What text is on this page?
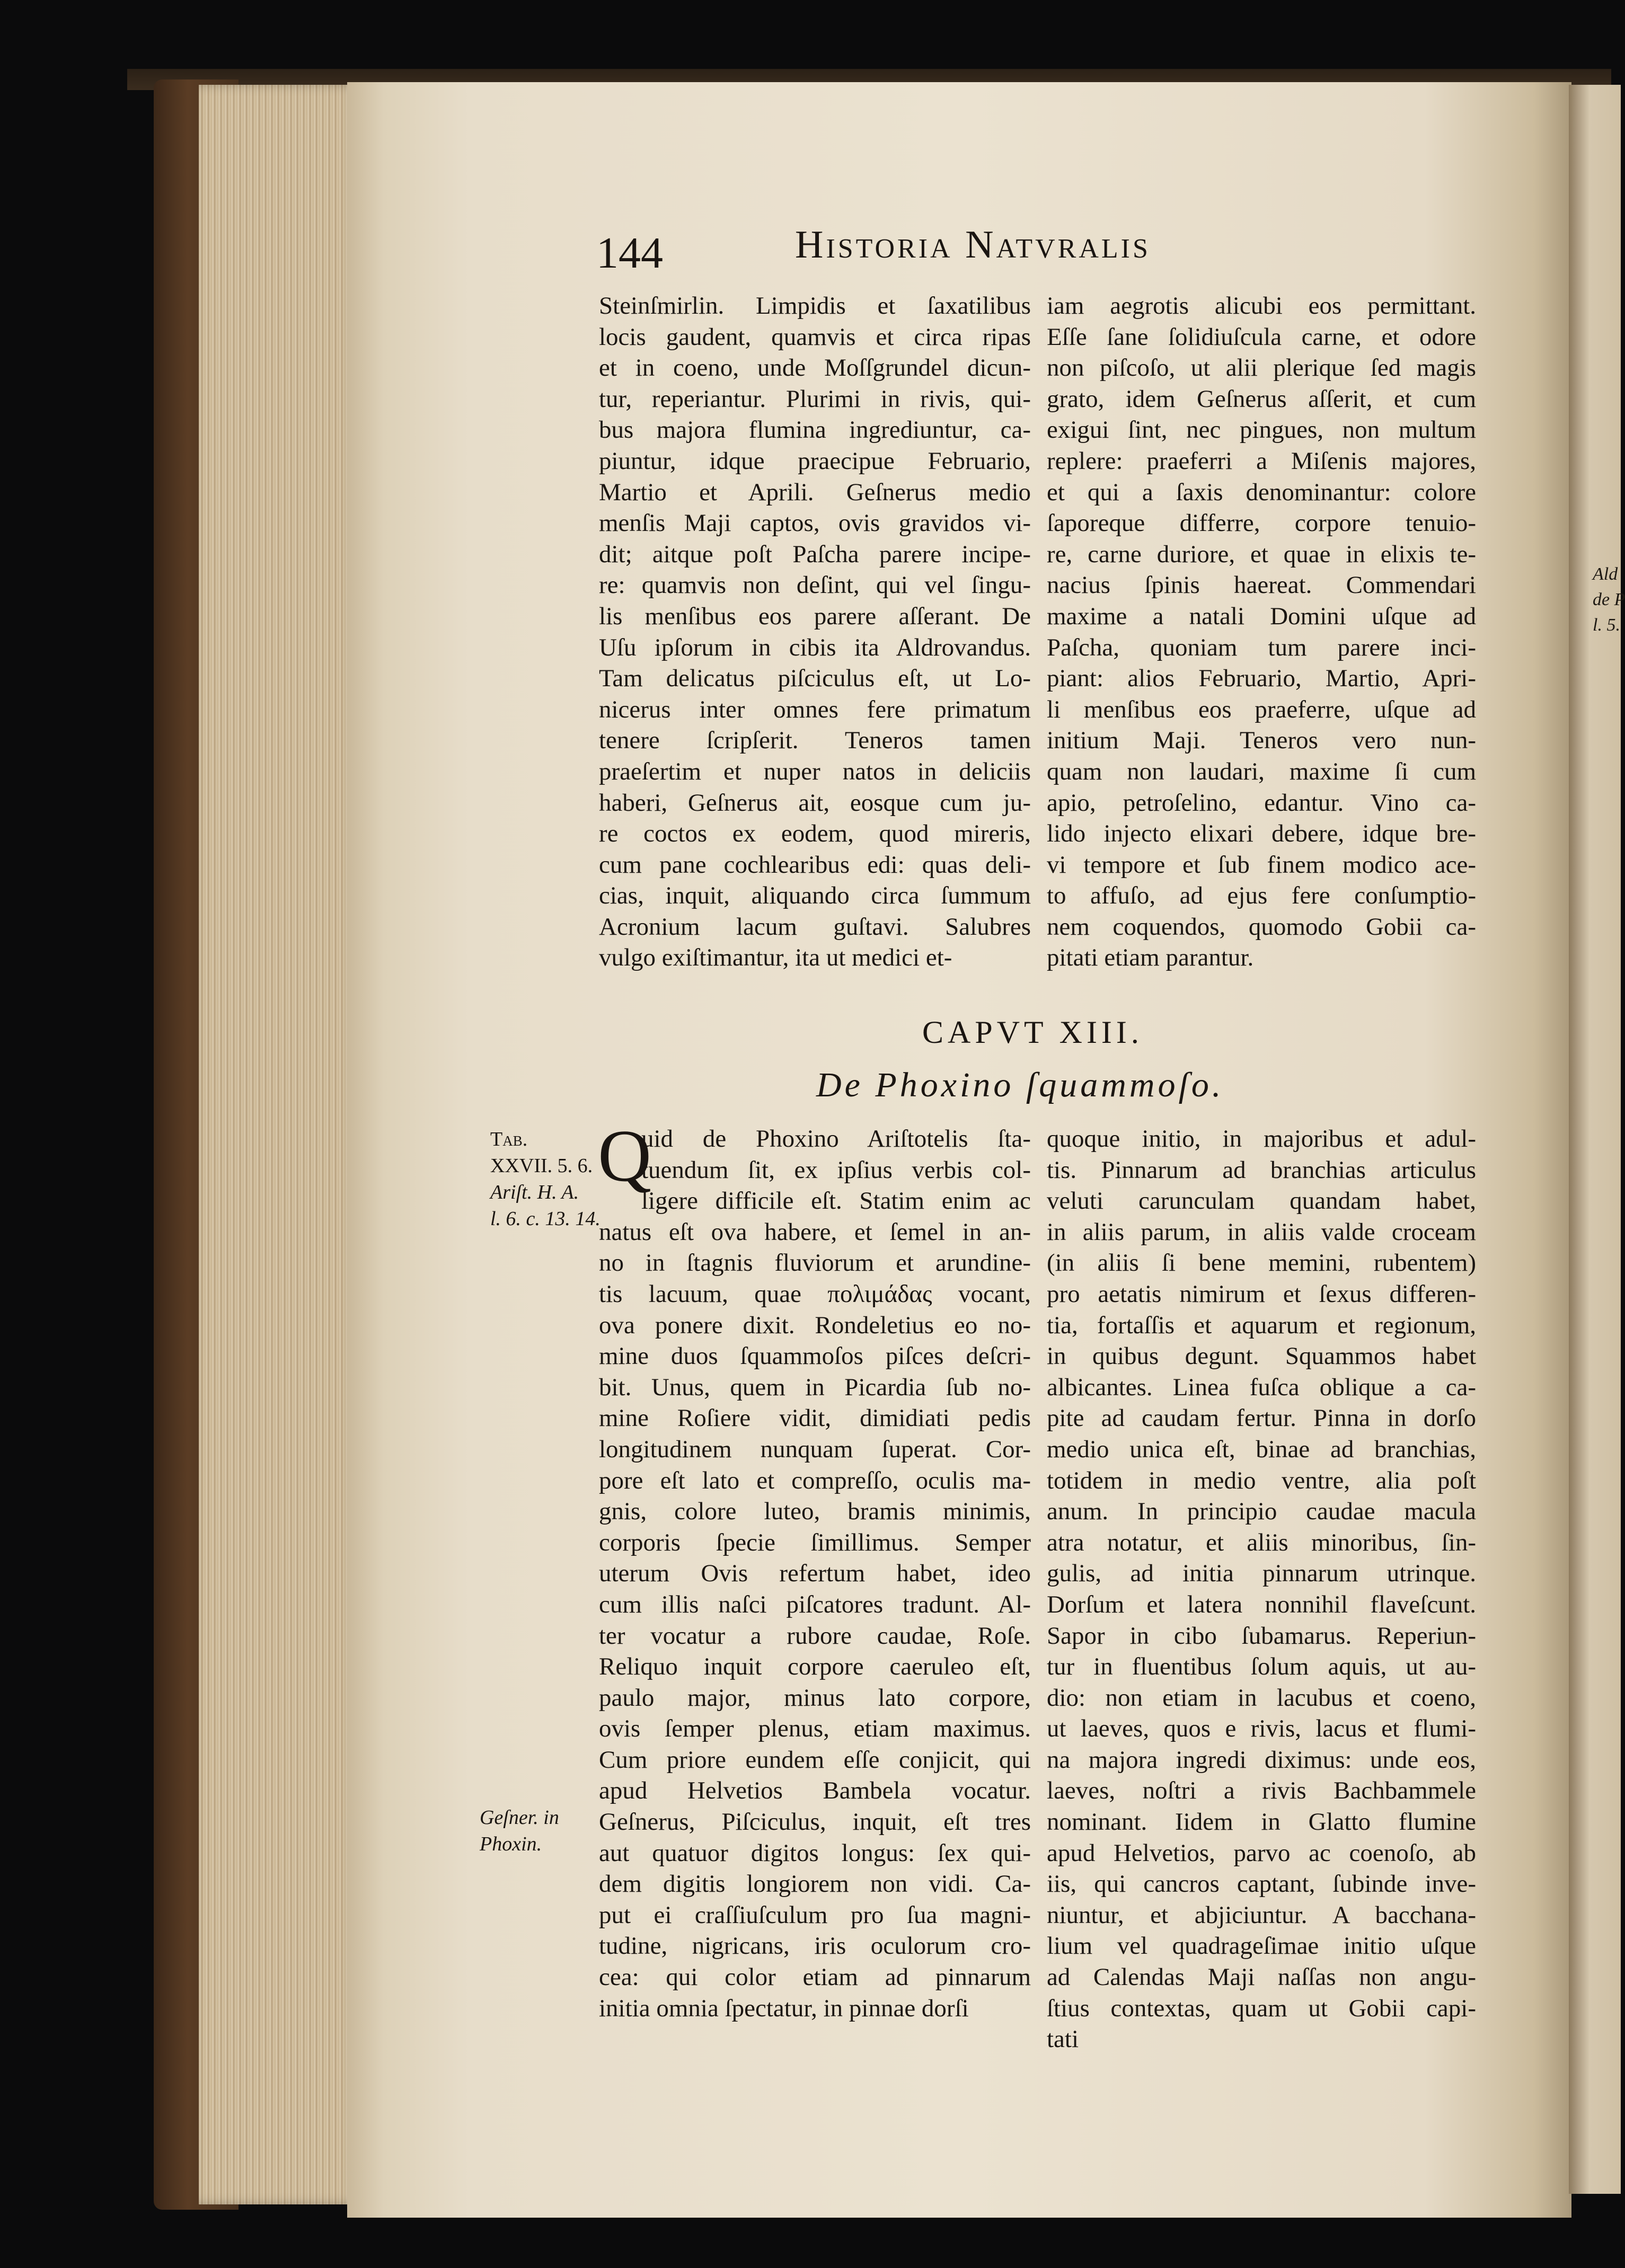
Ald
de P
l. 5.
144	Historia Natvralis
Steinſmirlin. Limpidis et ſaxatilibus
locis gaudent, quamvis et circa ripas
et in coeno, unde Moſſgrundel dicun-
tur, reperiantur. Plurimi in rivis, qui-
bus majora flumina ingrediuntur, ca-
piuntur, idque praecipue Februario,
Martio et Aprili. Geſnerus medio
menſis Maji captos, ovis gravidos vi-
dit; aitque poſt Paſcha parere incipe-
re: quamvis non deſint, qui vel ſingu-
lis menſibus eos parere aſſerant. De
Uſu ipſorum in cibis ita Aldrovandus.
Tam delicatus piſciculus eſt, ut Lo-
nicerus inter omnes fere primatum
tenere ſcripſerit. Teneros tamen
praeſertim et nuper natos in deliciis
haberi, Geſnerus ait, eosque cum ju-
re coctos ex eodem, quod mireris,
cum pane cochlearibus edi: quas deli-
cias, inquit, aliquando circa ſummum
Acronium lacum guſtavi. Salubres
vulgo exiſtimantur, ita ut medici et-
iam aegrotis alicubi eos permittant.
Eſſe ſane ſolidiuſcula carne, et odore
non piſcoſo, ut alii plerique ſed magis
grato, idem Geſnerus aſſerit, et cum
exigui ſint, nec pingues, non multum
replere: praeferri a Miſenis majores,
et qui a ſaxis denominantur: colore
ſaporeque differre, corpore tenuio-
re, carne duriore, et quae in elixis te-
nacius ſpinis haereat. Commendari
maxime a natali Domini uſque ad
Paſcha, quoniam tum parere inci-
piant: alios Februario, Martio, Apri-
li menſibus eos praeferre, uſque ad
initium Maji. Teneros vero nun-
quam non laudari, maxime ſi cum
apio, petroſelino, edantur. Vino ca-
lido injecto elixari debere, idque bre-
vi tempore et ſub finem modico ace-
to affuſo, ad ejus fere conſumptio-
nem coquendos, quomodo Gobii ca-
pitati etiam parantur.
CAPVT XIII.
De Phoxino ſquammoſo.
Q
uid de Phoxino Ariſtotelis ſta-
tuendum ſit, ex ipſius verbis col-
ligere difficile eſt. Statim enim ac
natus eſt ova habere, et ſemel in an-
no in ſtagnis fluviorum et arundine-
tis lacuum, quae πολιμάδας vocant,
ova ponere dixit. Rondeletius eo no-
mine duos ſquammoſos piſces deſcri-
bit. Unus, quem in Picardia ſub no-
mine Roſiere vidit, dimidiati pedis
longitudinem nunquam ſuperat. Cor-
pore eſt lato et compreſſo, oculis ma-
gnis, colore luteo, bramis minimis,
corporis ſpecie ſimillimus. Semper
uterum Ovis refertum habet, ideo
cum illis naſci piſcatores tradunt. Al-
ter vocatur a rubore caudae, Roſe.
Reliquo inquit corpore caeruleo eſt,
paulo major, minus lato corpore,
ovis ſemper plenus, etiam maximus.
Cum priore eundem eſſe conjicit, qui
apud Helvetios Bambela vocatur.
Geſnerus, Piſciculus, inquit, eſt tres
aut quatuor digitos longus: ſex qui-
dem digitis longiorem non vidi. Ca-
put ei craſſiuſculum pro ſua magni-
tudine, nigricans, iris oculorum cro-
cea: qui color etiam ad pinnarum
initia omnia ſpectatur, in pinnae dorſi
quoque initio, in majoribus et adul-
tis. Pinnarum ad branchias articulus
veluti carunculam quandam habet,
in aliis parum, in aliis valde croceam
(in aliis ſi bene memini, rubentem)
pro aetatis nimirum et ſexus differen-
tia, fortaſſis et aquarum et regionum,
in quibus degunt. Squammos habet
albicantes. Linea fuſca oblique a ca-
pite ad caudam fertur. Pinna in dorſo
medio unica eſt, binae ad branchias,
totidem in medio ventre, alia poſt
anum. In principio caudae macula
atra notatur, et aliis minoribus, ſin-
gulis, ad initia pinnarum utrinque.
Dorſum et latera nonnihil flaveſcunt.
Sapor in cibo ſubamarus. Reperiun-
tur in fluentibus ſolum aquis, ut au-
dio: non etiam in lacubus et coeno,
ut laeves, quos e rivis, lacus et flumi-
na majora ingredi diximus: unde eos,
laeves, noſtri a rivis Bachbammele
nominant. Iidem in Glatto flumine
apud Helvetios, parvo ac coenoſo, ab
iis, qui cancros captant, ſubinde inve-
niuntur, et abjiciuntur. A bacchana-
lium vel quadrageſimae initio uſque
ad Calendas Maji naſſas non angu-
ſtius contextas, quam ut Gobii capi-
tati
Tab.
XXVII. 5. 6.
Ariſt. H. A.
l. 6. c. 13. 14.
Geſner. in
Phoxin.
